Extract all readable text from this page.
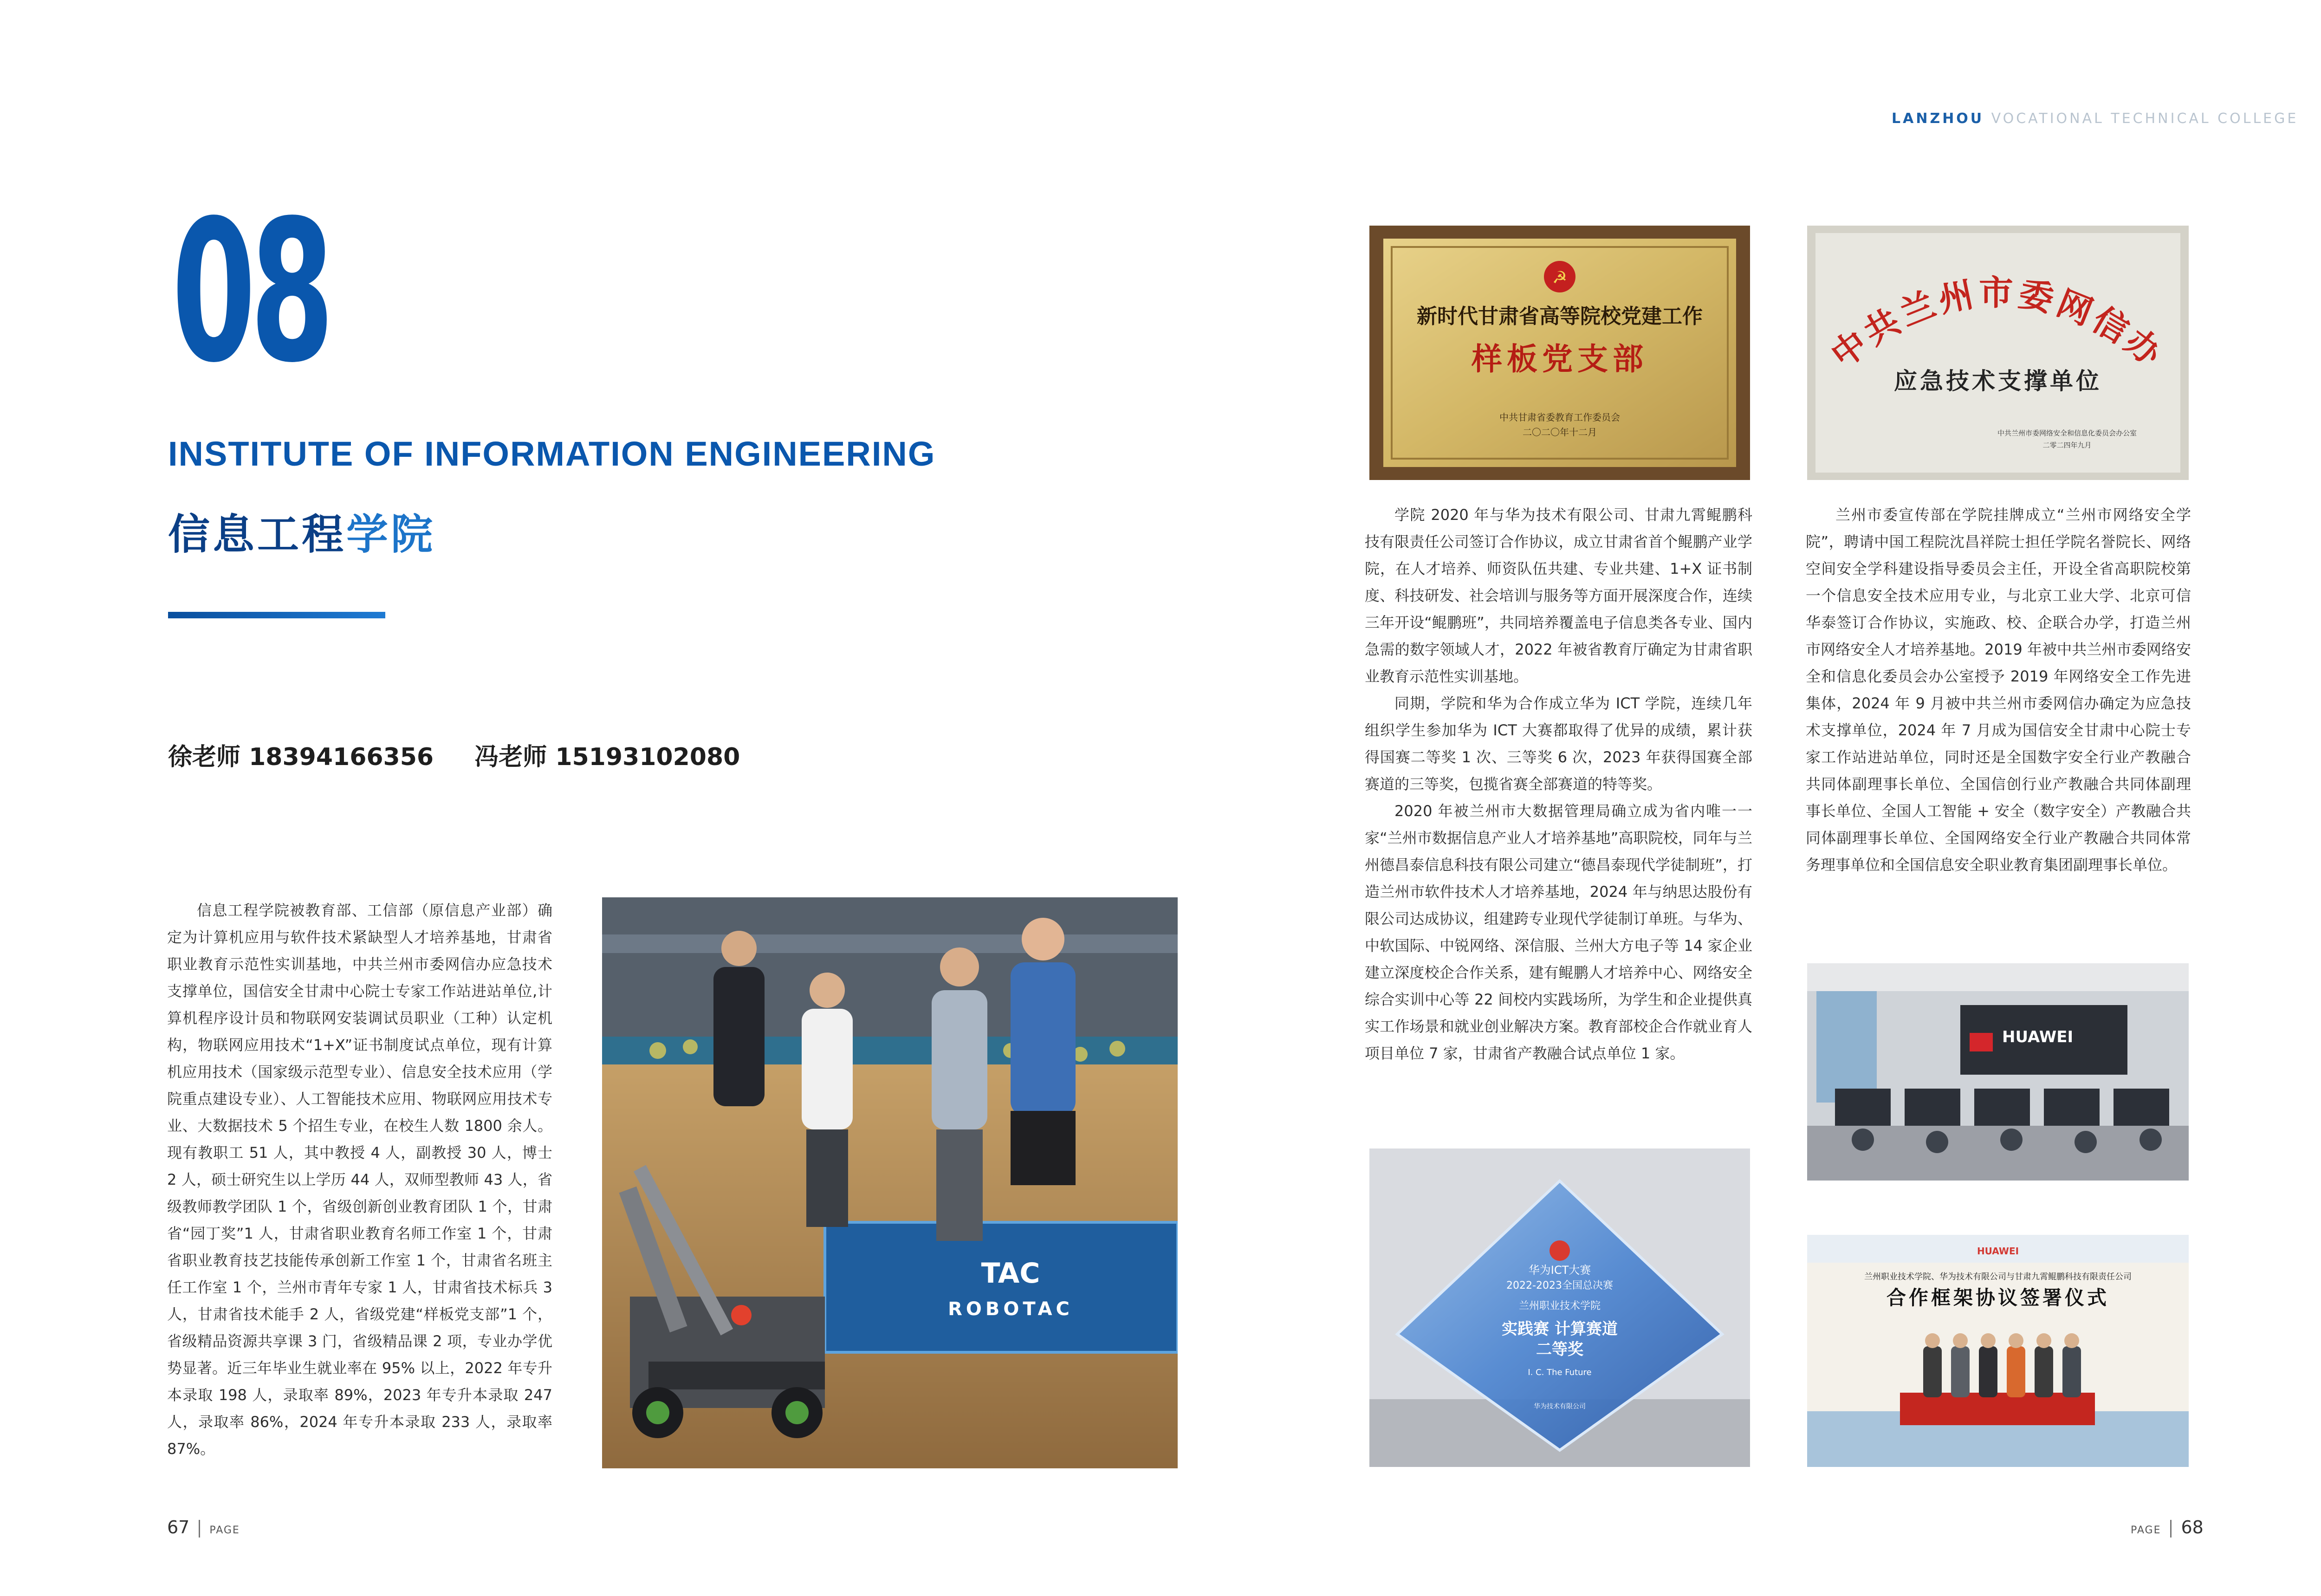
LANZHOU VOCATIONAL TECHNICAL COLLEGE
08
INSTITUTE OF INFORMATION ENGINEERING
信息工程学院
徐老师 18394166356 冯老师 15193102080

信息工程学院被教育部、工信部（原信息产业部）确定为计算机应用与软件技术紧缺型人才培养基地，甘肃省职业教育示范性实训基地，中共兰州市委网信办应急技术支撑单位，国信安全甘肃中心院士专家工作站进站单位,计算机程序设计员和物联网安装调试员职业（工种）认定机构，物联网应用技术“1+X”证书制度试点单位，现有计算机应用技术（国家级示范型专业）、信息安全技术应用（学院重点建设专业）、人工智能技术应用、物联网应用技术专业、大数据技术 5 个招生专业，在校生人数 1800 余人。现有教职工 51 人，其中教授 4 人，副教授 30 人，博士 2 人，硕士研究生以上学历 44 人，双师型教师 43 人，省级教师教学团队 1 个，省级创新创业教育团队 1 个，甘肃省“园丁奖”1 人，甘肃省职业教育名师工作室 1 个，甘肃省职业教育技艺技能传承创新工作室 1 个，甘肃省名班主任工作室 1 个，兰州市青年专家 1 人，甘肃省技术标兵 3 人，甘肃省技术能手 2 人，省级党建“样板党支部”1 个，省级精品资源共享课 3 门，省级精品课 2 项，专业办学优势显著。近三年毕业生就业率在 95% 以上，2022 年专升本录取 198 人，录取率 89%，2023 年专升本录取 247 人，录取率 86%，2024 年专升本录取 233 人，录取率 87%。

TAC
ROBOTAC
☭
新时代甘肃省高等院校党建工作
样板党支部
中共甘肃省委教育工作委员会
二〇二〇年十二月
中共兰州市委网信办
应急技术支撑单位
中共兰州市委网络安全和信息化委员会办公室
二零二四年九月

学院 2020 年与华为技术有限公司、甘肃九霄鲲鹏科技有限责任公司签订合作协议，成立甘肃省首个鲲鹏产业学院，在人才培养、师资队伍共建、专业共建、1+X 证书制度、科技研发、社会培训与服务等方面开展深度合作，连续三年开设“鲲鹏班”，共同培养覆盖电子信息类各专业、国内急需的数字领域人才，2022 年被省教育厅确定为甘肃省职业教育示范性实训基地。

同期，学院和华为合作成立华为 ICT 学院，连续几年组织学生参加华为 ICT 大赛都取得了优异的成绩，累计获得国赛二等奖 1 次、三等奖 6 次，2023 年获得国赛全部赛道的三等奖，包揽省赛全部赛道的特等奖。

2020 年被兰州市大数据管理局确立成为省内唯一一家“兰州市数据信息产业人才培养基地”高职院校，同年与兰州德昌泰信息科技有限公司建立“德昌泰现代学徒制班”，打造兰州市软件技术人才培养基地，2024 年与纳思达股份有限公司达成协议，组建跨专业现代学徒制订单班。与华为、中软国际、中锐网络、深信服、兰州大方电子等 14 家企业建立深度校企合作关系，建有鲲鹏人才培养中心、网络安全综合实训中心等 22 间校内实践场所，为学生和企业提供真实工作场景和就业创业解决方案。教育部校企合作就业育人项目单位 7 家，甘肃省产教融合试点单位 1 家。

兰州市委宣传部在学院挂牌成立“兰州市网络安全学院”，聘请中国工程院沈昌祥院士担任学院名誉院长、网络空间安全学科建设指导委员会主任，开设全省高职院校第一个信息安全技术应用专业，与北京工业大学、北京可信华泰签订合作协议，实施政、校、企联合办学，打造兰州市网络安全人才培养基地。2019 年被中共兰州市委网络安全和信息化委员会办公室授予 2019 年网络安全工作先进集体，2024 年 9 月被中共兰州市委网信办确定为应急技术支撑单位，2024 年 7 月成为国信安全甘肃中心院士专家工作站进站单位，同时还是全国数字安全行业产教融合共同体副理事长单位、全国信创行业产教融合共同体副理事长单位、全国人工智能 + 安全（数字安全）产教融合共同体副理事长单位、全国网络安全行业产教融合共同体常务理事单位和全国信息安全职业教育集团副理事长单位。

华为ICT大赛
2022-2023全国总决赛
兰州职业技术学院
实践赛 计算赛道
二等奖
I. C. The Future
华为技术有限公司
HUAWEI
HUAWEI
兰州职业技术学院、华为技术有限公司与甘肃九霄鲲鹏科技有限责任公司
合作框架协议签署仪式
67 PAGE	PAGE 68
